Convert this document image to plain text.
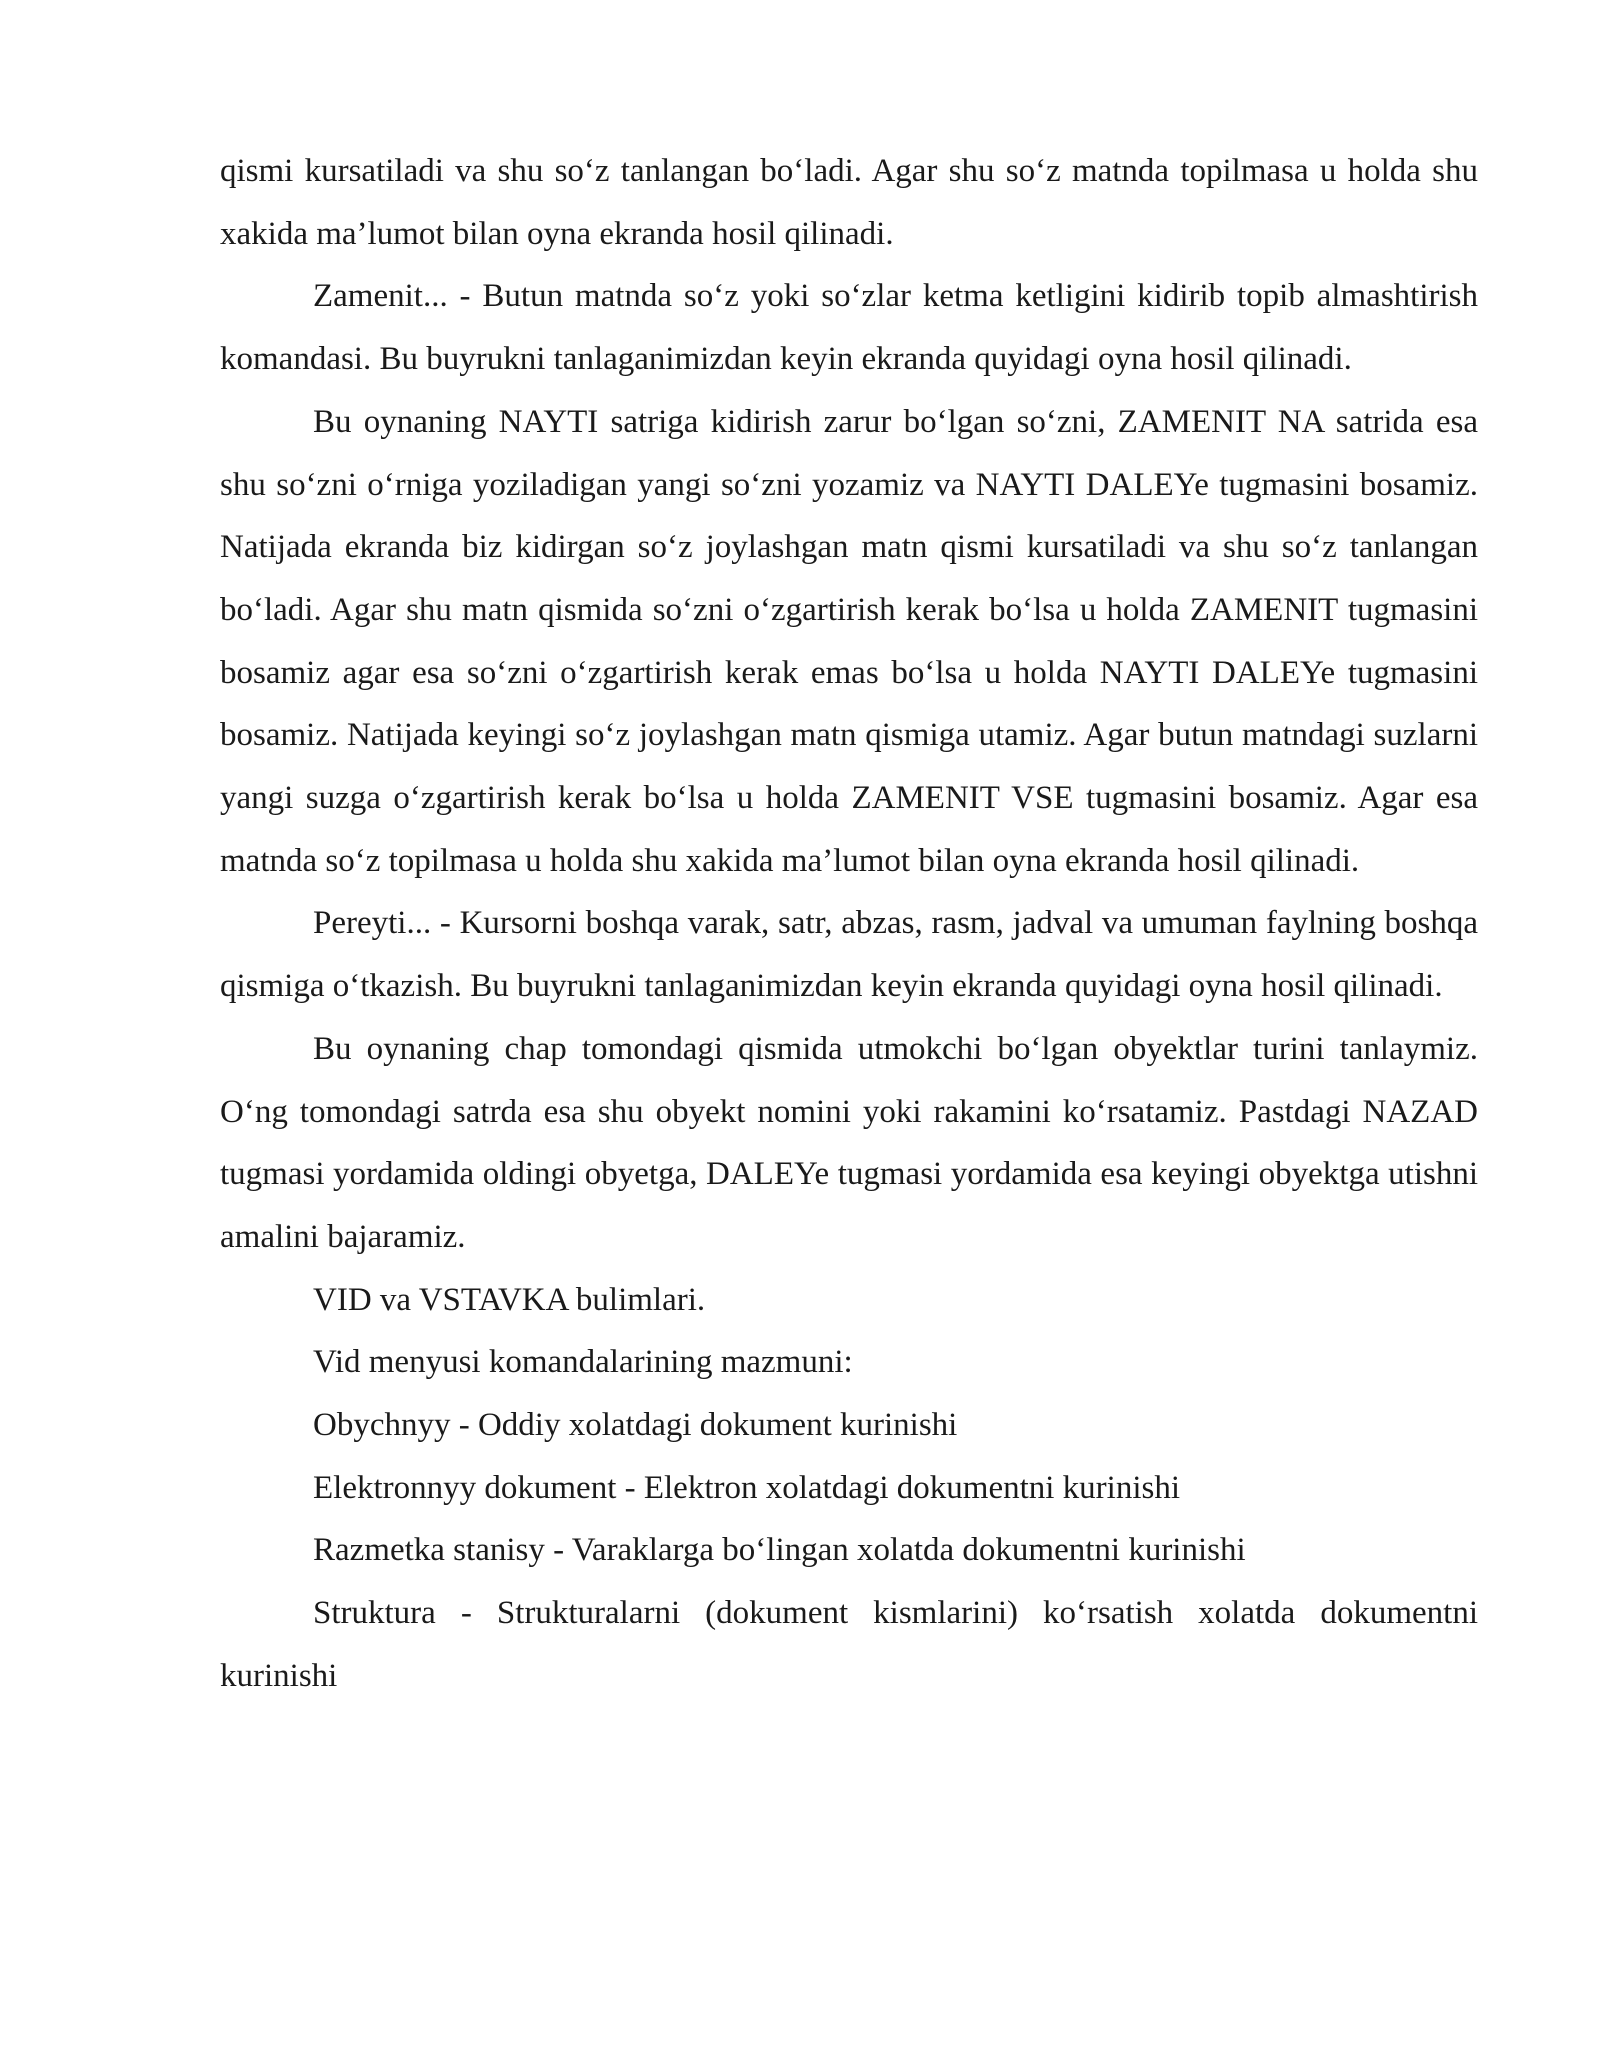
qismi kursatiladi va shu so‘z tanlangan bo‘ladi. Agar shu so‘z matnda topilmasa u holda shu xakida ma’lumot bilan oyna ekranda hosil qilinadi.

Zamenit... - Butun matnda so‘z yoki so‘zlar ketma ketligini kidirib topib almashtirish komandasi. Bu buyrukni tanlaganimizdan keyin ekranda quyidagi oyna hosil qilinadi.

Bu oynaning NAYTI satriga kidirish zarur bo‘lgan so‘zni, ZAMENIT NA satrida esa shu so‘zni o‘rniga yoziladigan yangi so‘zni yozamiz va NAYTI DALEYe tugmasini bosamiz. Natijada ekranda biz kidirgan so‘z joylashgan matn qismi kursatiladi va shu so‘z tanlangan bo‘ladi. Agar shu matn qismida so‘zni o‘zgartirish kerak bo‘lsa u holda ZAMENIT tugmasini bosamiz agar esa so‘zni o‘zgartirish kerak emas bo‘lsa u holda NAYTI DALEYe tugmasini bosamiz. Natijada keyingi so‘z joylashgan matn qismiga utamiz. Agar butun matndagi suzlarni yangi suzga o‘zgartirish kerak bo‘lsa u holda ZAMENIT VSE tugmasini bosamiz. Agar esa matnda so‘z topilmasa u holda shu xakida ma’lumot bilan oyna ekranda hosil qilinadi.

Pereyti... - Kursorni boshqa varak, satr, abzas, rasm, jadval va umuman faylning boshqa qismiga o‘tkazish. Bu buyrukni tanlaganimizdan keyin ekranda quyidagi oyna hosil qilinadi.

Bu oynaning chap tomondagi qismida utmokchi bo‘lgan obyektlar turini tanlaymiz. O‘ng tomondagi satrda esa shu obyekt nomini yoki rakamini ko‘rsatamiz. Pastdagi NAZAD tugmasi yordamida oldingi obyetga, DALEYe tugmasi yordamida esa keyingi obyektga utishni amalini bajaramiz.

VID va VSTAVKA bulimlari.

Vid menyusi komandalarining mazmuni:

Obychnyy - Oddiy xolatdagi dokument kurinishi

Elektronnyy dokument - Elektron xolatdagi dokumentni kurinishi

Razmetka stanisy - Varaklarga bo‘lingan xolatda dokumentni kurinishi

Struktura - Strukturalarni (dokument kismlarini) ko‘rsatish xolatda dokumentni kurinishi
